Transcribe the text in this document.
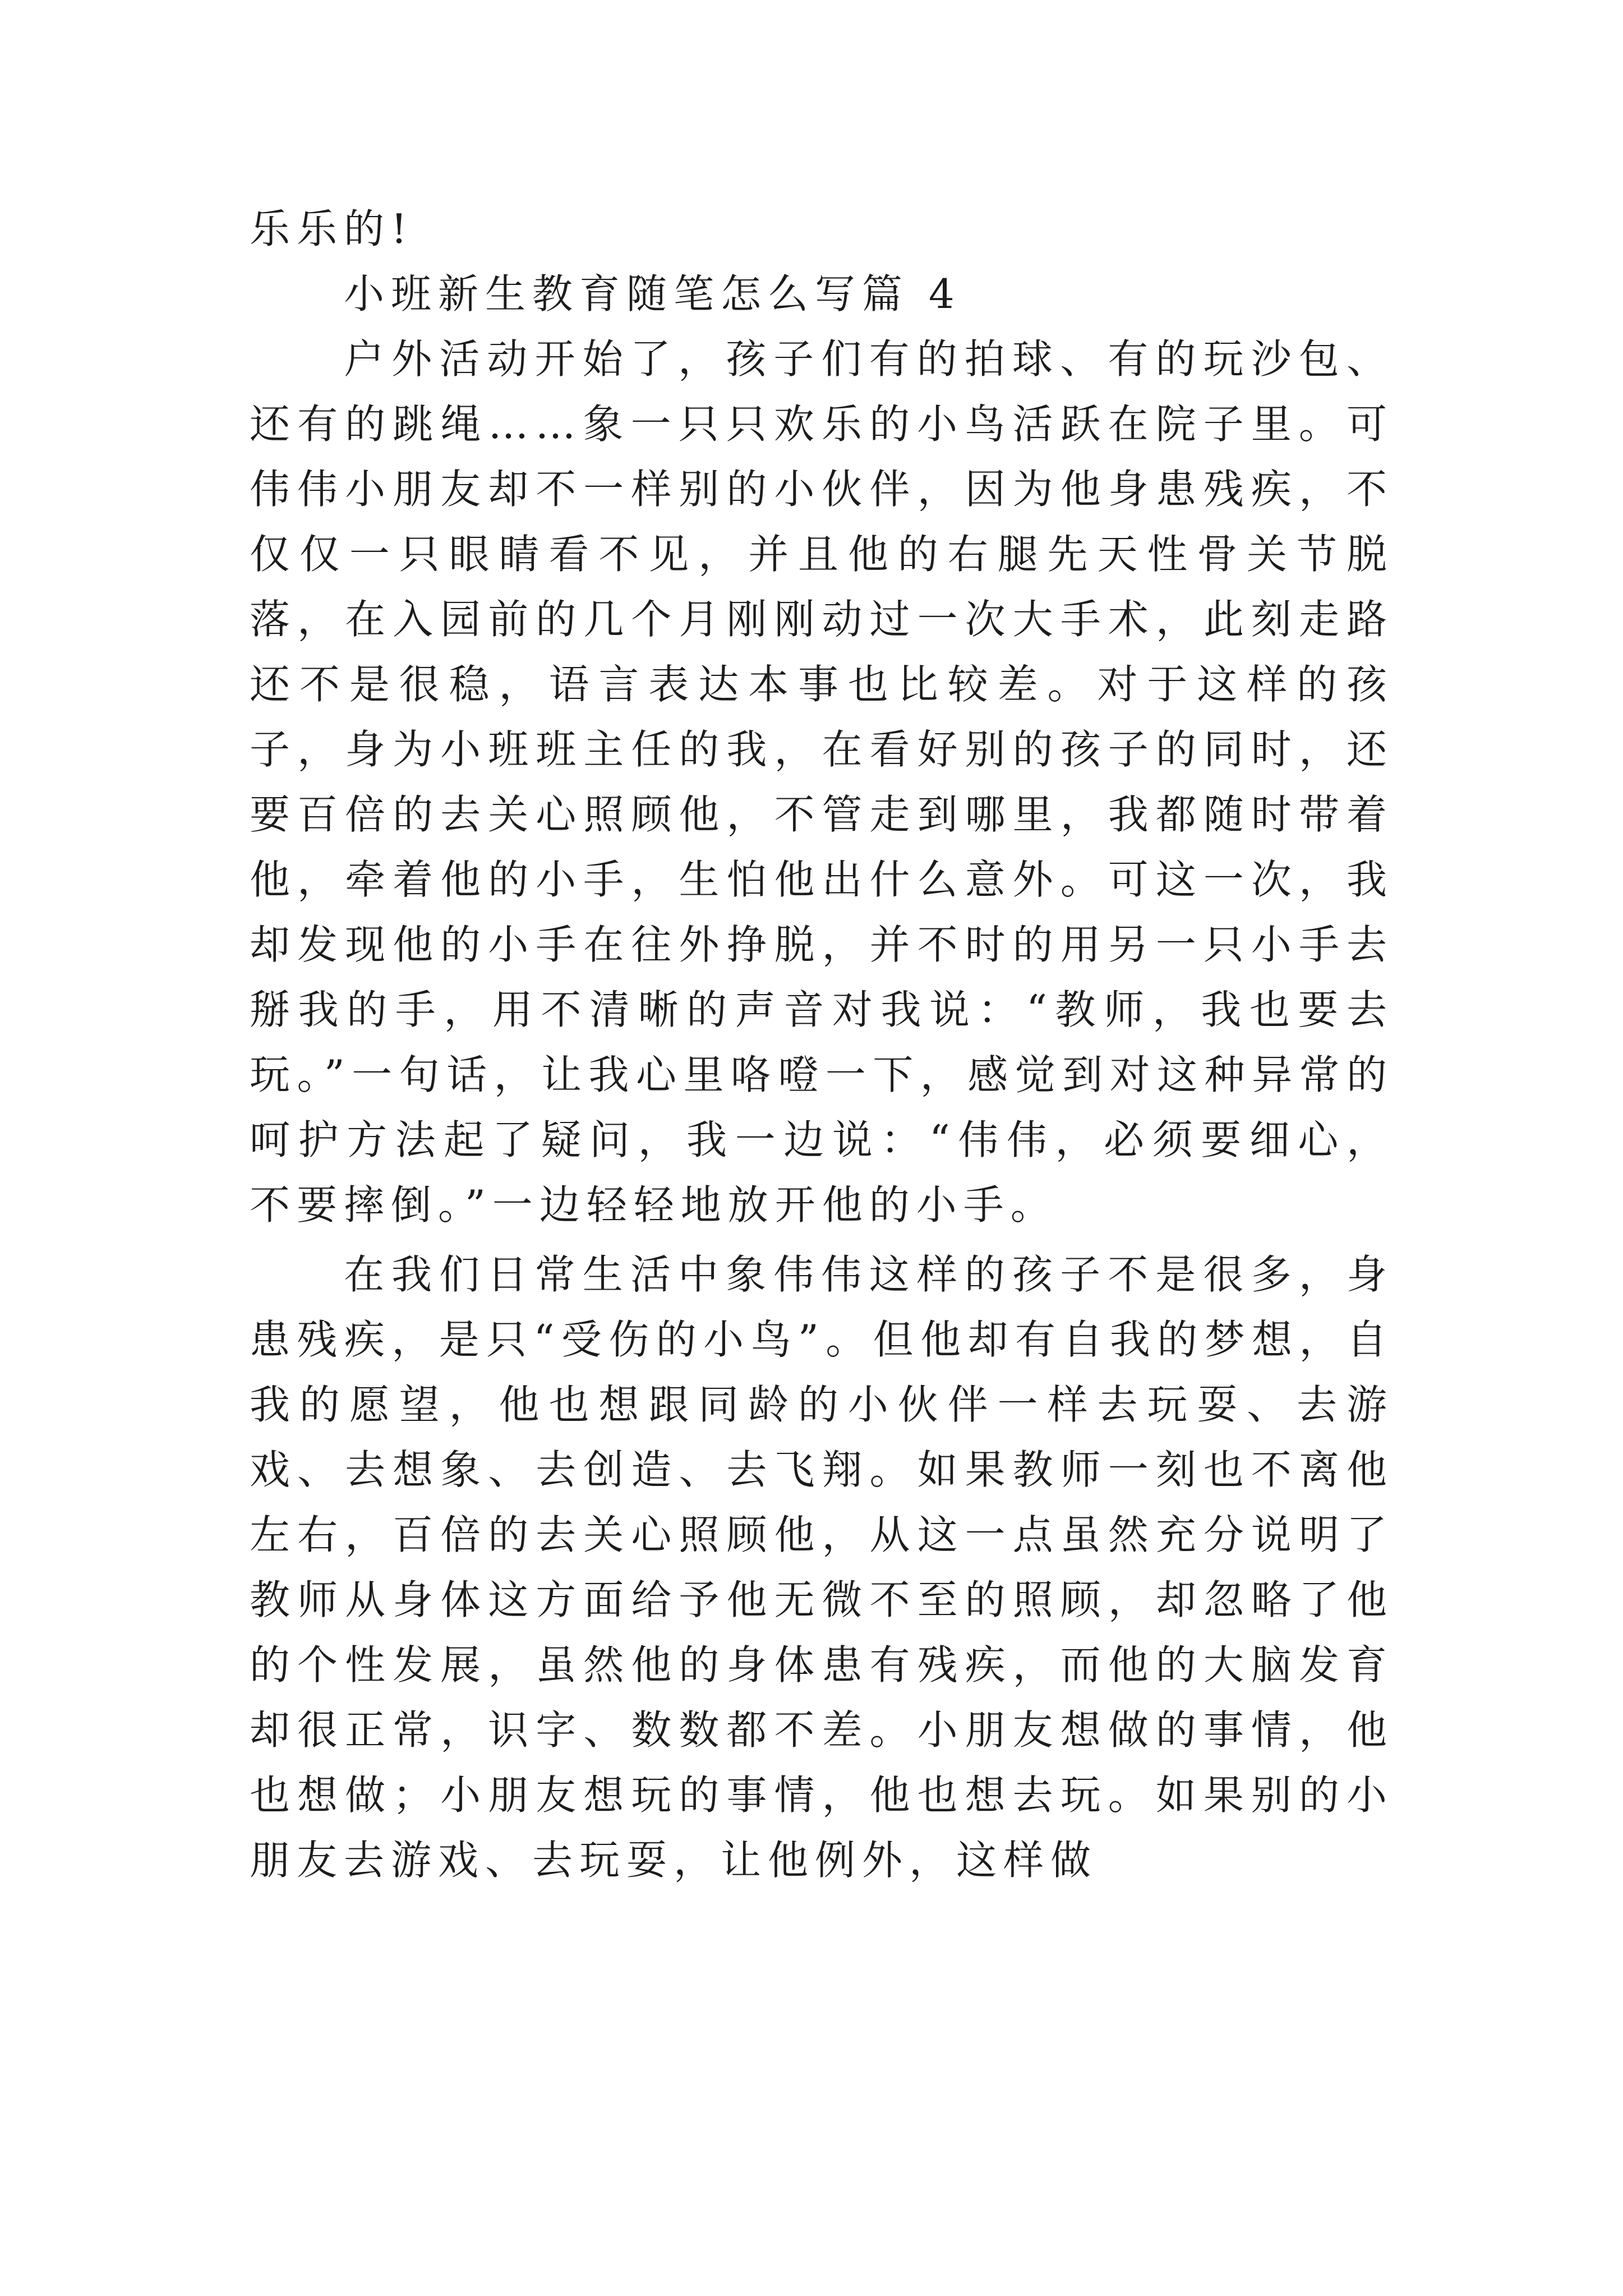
乐乐的!

小班新生教育随笔怎么写篇 4

户外活动开始了，孩子们有的拍球、有的玩沙包、还有的跳绳……象一只只欢乐的小鸟活跃在院子里。可伟伟小朋友却不一样别的小伙伴，因为他身患残疾，不仅仅一只眼睛看不见，并且他的右腿先天性骨关节脱落，在入园前的几个月刚刚动过一次大手术，此刻走路还不是很稳，语言表达本事也比较差。对于这样的孩子，身为小班班主任的我，在看好别的孩子的同时，还要百倍的去关心照顾他，不管走到哪里，我都随时带着他，牵着他的小手，生怕他出什么意外。可这一次，我却发现他的小手在往外挣脱，并不时的用另一只小手去掰我的手，用不清晰的声音对我说：“教师，我也要去玩。”一句话，让我心里咯噔一下，感觉到对这种异常的呵护方法起了疑问，我一边说：“伟伟，必须要细心，不要摔倒。”一边轻轻地放开他的小手。

在我们日常生活中象伟伟这样的孩子不是很多，身患残疾，是只“受伤的小鸟”。但他却有自我的梦想，自我的愿望，他也想跟同龄的小伙伴一样去玩耍、去游戏、去想象、去创造、去飞翔。如果教师一刻也不离他左右，百倍的去关心照顾他，从这一点虽然充分说明了教师从身体这方面给予他无微不至的照顾，却忽略了他的个性发展，虽然他的身体患有残疾，而他的大脑发育却很正常，识字、数数都不差。小朋友想做的事情，他也想做；小朋友想玩的事情，他也想去玩。如果别的小朋友去游戏、去玩耍，让他例外，这样做
